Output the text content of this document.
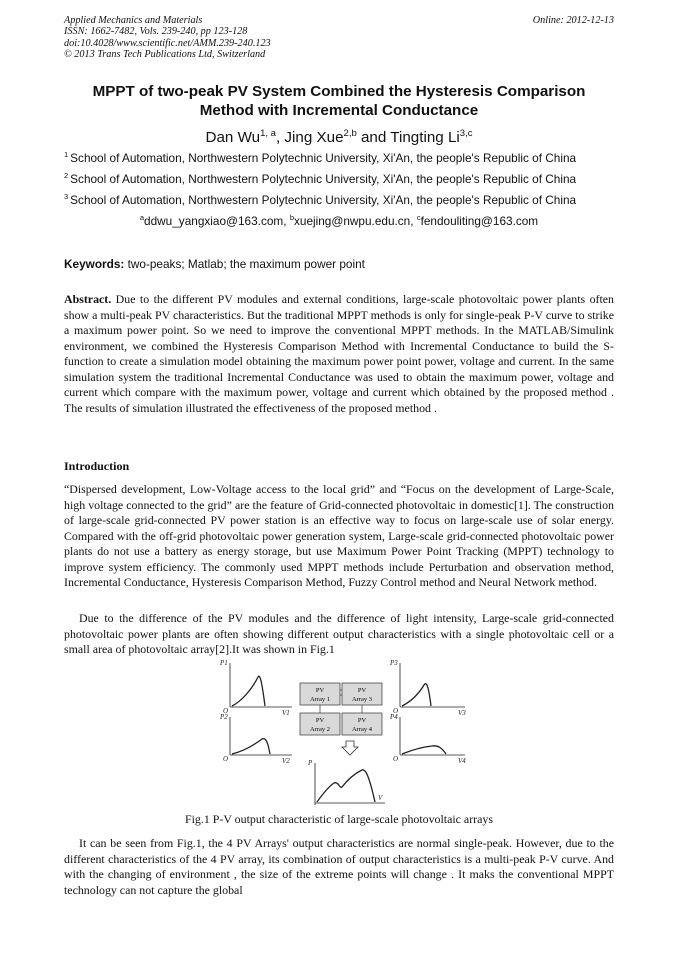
Applied Mechanics and Materials
ISSN: 1662-7482, Vols. 239-240, pp 123-128
doi:10.4028/www.scientific.net/AMM.239-240.123
© 2013 Trans Tech Publications Ltd, Switzerland
Online: 2012-12-13
MPPT of two-peak PV System Combined the Hysteresis Comparison
Method with Incremental Conductance
Dan Wu$^{1, a}$, Jing Xue$^{2,b}$ and Tingting Li$^{3,c}$
$^1$ School of Automation, Northwestern Polytechnic University, Xi'An, the people's Republic of China
$^2$ School of Automation, Northwestern Polytechnic University, Xi'An, the people's Republic of China
$^3$ School of Automation, Northwestern Polytechnic University, Xi'An, the people's Republic of China
$^a$ddwu_yangxiao@163.com, $^b$xuejing@nwpu.edu.cn, $^c$fendouliting@163.com
Keywords: two-peaks; Matlab; the maximum power point
Abstract. Due to the different PV modules and external conditions, large-scale photovoltaic power plants often show a multi-peak PV characteristics. But the traditional MPPT methods is only for single-peak P-V curve to strike a maximum power point. So we need to improve the conventional MPPT methods. In the MATLAB/Simulink environment, we combined the Hysteresis Comparison Method with Incremental Conductance to build the S-function to create a simulation model obtaining the maximum power point power, voltage and current. In the same simulation system the traditional Incremental Conductance was used to obtain the maximum power, voltage and current which compare with the maximum power, voltage and current which obtained by the proposed method . The results of simulation illustrated the effectiveness of the proposed method .
Introduction
“Dispersed development, Low-Voltage access to the local grid” and “Focus on the development of Large-Scale, high voltage connected to the grid” are the feature of Grid-connected photovoltaic in domestic[1]. The construction of large-scale grid-connected PV power station is an effective way to focus on large-scale use of solar energy. Compared with the off-grid photovoltaic power generation system, Large-scale grid-connected photovoltaic power plants do not use a battery as energy storage, but use Maximum Power Point Tracking (MPPT) technology to improve system efficiency. The commonly used MPPT methods include Perturbation and observation method, Incremental Conductance, Hysteresis Comparison Method, Fuzzy Control method and Neural Network method.
Due to the difference of the PV modules and the difference of light intensity, Large-scale grid-connected photovoltaic power plants are often showing different output characteristics with a single photovoltaic cell or a small area of photovoltaic array[2].It was shown in Fig.1
PV
Array 1
PV
Array 3
PV
Array 2
PV
Array 4
P1
V1
O
P2
V2
O
P3
V3
O
P4
V4
O
P
V
Fig.1 P-V output characteristic of large-scale photovoltaic arrays
It can be seen from Fig.1, the 4 PV Arrays' output characteristics are normal single-peak. However, due to the different characteristics of the 4 PV array, its combination of output characteristics is a multi-peak P-V curve. And with the changing of environment , the size of the extreme points will change . It maks the conventional MPPT technology can not capture the global
